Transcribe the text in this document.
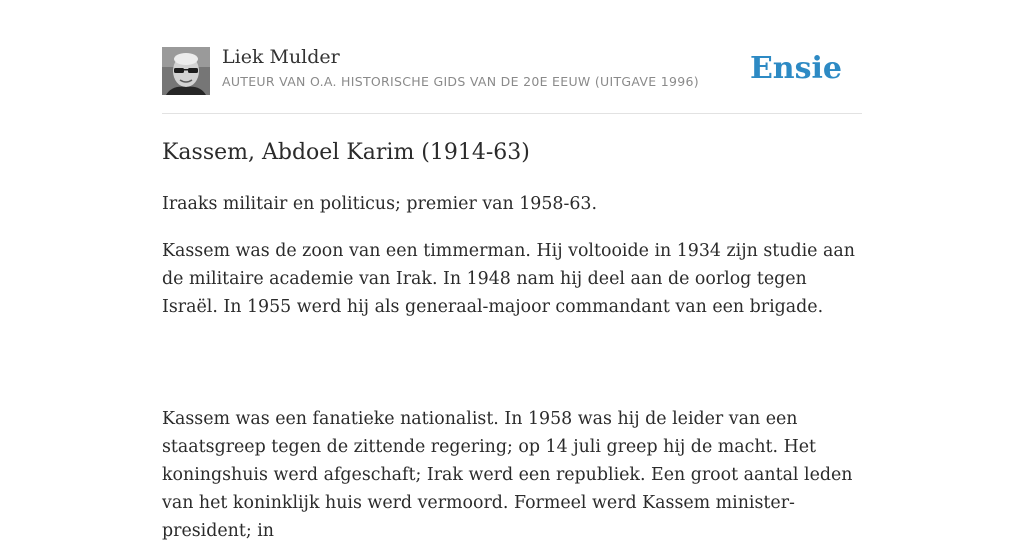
Liek Mulder
AUTEUR VAN O.A. HISTORISCHE GIDS VAN DE 20E EEUW (UITGAVE 1996) Ensie
Kassem, Abdoel Karim (1914-63)

Iraaks militair en politicus; premier van 1958-63.

Kassem was de zoon van een timmerman. Hij voltooide in 1934 zijn studie aan de militaire academie van Irak. In 1948 nam hij deel aan de oorlog tegen Israël. In 1955 werd hij als generaal-majoor commandant van een brigade.

Kassem was een fanatieke nationalist. In 1958 was hij de leider van een staatsgreep tegen de zittende regering; op 14 juli greep hij de macht. Het koningshuis werd afgeschaft; Irak werd een republiek. Een groot aantal leden van het koninklijk huis werd vermoord. Formeel werd Kassem minister-president; in
